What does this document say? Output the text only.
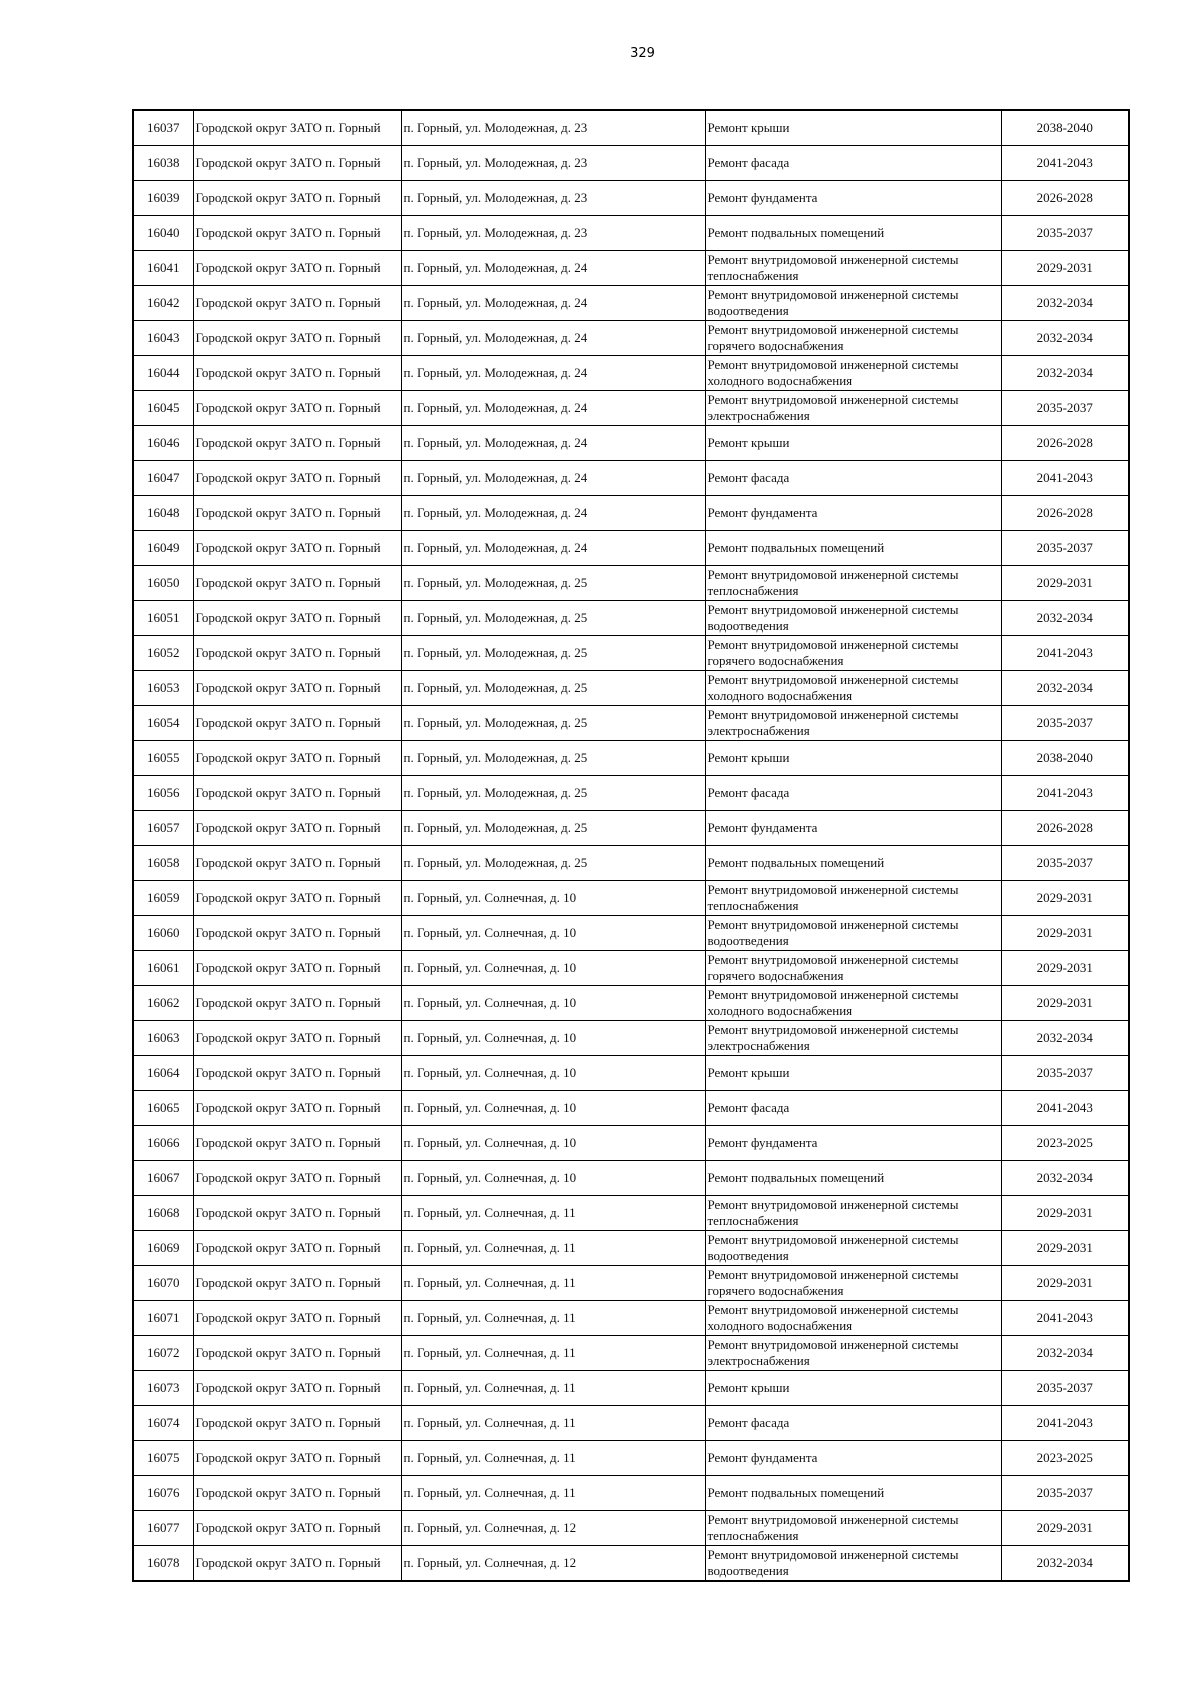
329
16037	Городской округ ЗАТО п. Горный	п. Горный, ул. Молодежная, д. 23	Ремонт крыши	2038-2040
16038	Городской округ ЗАТО п. Горный	п. Горный, ул. Молодежная, д. 23	Ремонт фасада	2041-2043
16039	Городской округ ЗАТО п. Горный	п. Горный, ул. Молодежная, д. 23	Ремонт фундамента	2026-2028
16040	Городской округ ЗАТО п. Горный	п. Горный, ул. Молодежная, д. 23	Ремонт подвальных помещений	2035-2037
16041	Городской округ ЗАТО п. Горный	п. Горный, ул. Молодежная, д. 24	Ремонт внутридомовой инженерной системы теплоснабжения	2029-2031
16042	Городской округ ЗАТО п. Горный	п. Горный, ул. Молодежная, д. 24	Ремонт внутридомовой инженерной системы водоотведения	2032-2034
16043	Городской округ ЗАТО п. Горный	п. Горный, ул. Молодежная, д. 24	Ремонт внутридомовой инженерной системы горячего водоснабжения	2032-2034
16044	Городской округ ЗАТО п. Горный	п. Горный, ул. Молодежная, д. 24	Ремонт внутридомовой инженерной системы холодного водоснабжения	2032-2034
16045	Городской округ ЗАТО п. Горный	п. Горный, ул. Молодежная, д. 24	Ремонт внутридомовой инженерной системы электроснабжения	2035-2037
16046	Городской округ ЗАТО п. Горный	п. Горный, ул. Молодежная, д. 24	Ремонт крыши	2026-2028
16047	Городской округ ЗАТО п. Горный	п. Горный, ул. Молодежная, д. 24	Ремонт фасада	2041-2043
16048	Городской округ ЗАТО п. Горный	п. Горный, ул. Молодежная, д. 24	Ремонт фундамента	2026-2028
16049	Городской округ ЗАТО п. Горный	п. Горный, ул. Молодежная, д. 24	Ремонт подвальных помещений	2035-2037
16050	Городской округ ЗАТО п. Горный	п. Горный, ул. Молодежная, д. 25	Ремонт внутридомовой инженерной системы теплоснабжения	2029-2031
16051	Городской округ ЗАТО п. Горный	п. Горный, ул. Молодежная, д. 25	Ремонт внутридомовой инженерной системы водоотведения	2032-2034
16052	Городской округ ЗАТО п. Горный	п. Горный, ул. Молодежная, д. 25	Ремонт внутридомовой инженерной системы горячего водоснабжения	2041-2043
16053	Городской округ ЗАТО п. Горный	п. Горный, ул. Молодежная, д. 25	Ремонт внутридомовой инженерной системы холодного водоснабжения	2032-2034
16054	Городской округ ЗАТО п. Горный	п. Горный, ул. Молодежная, д. 25	Ремонт внутридомовой инженерной системы электроснабжения	2035-2037
16055	Городской округ ЗАТО п. Горный	п. Горный, ул. Молодежная, д. 25	Ремонт крыши	2038-2040
16056	Городской округ ЗАТО п. Горный	п. Горный, ул. Молодежная, д. 25	Ремонт фасада	2041-2043
16057	Городской округ ЗАТО п. Горный	п. Горный, ул. Молодежная, д. 25	Ремонт фундамента	2026-2028
16058	Городской округ ЗАТО п. Горный	п. Горный, ул. Молодежная, д. 25	Ремонт подвальных помещений	2035-2037
16059	Городской округ ЗАТО п. Горный	п. Горный, ул. Солнечная, д. 10	Ремонт внутридомовой инженерной системы теплоснабжения	2029-2031
16060	Городской округ ЗАТО п. Горный	п. Горный, ул. Солнечная, д. 10	Ремонт внутридомовой инженерной системы водоотведения	2029-2031
16061	Городской округ ЗАТО п. Горный	п. Горный, ул. Солнечная, д. 10	Ремонт внутридомовой инженерной системы горячего водоснабжения	2029-2031
16062	Городской округ ЗАТО п. Горный	п. Горный, ул. Солнечная, д. 10	Ремонт внутридомовой инженерной системы холодного водоснабжения	2029-2031
16063	Городской округ ЗАТО п. Горный	п. Горный, ул. Солнечная, д. 10	Ремонт внутридомовой инженерной системы электроснабжения	2032-2034
16064	Городской округ ЗАТО п. Горный	п. Горный, ул. Солнечная, д. 10	Ремонт крыши	2035-2037
16065	Городской округ ЗАТО п. Горный	п. Горный, ул. Солнечная, д. 10	Ремонт фасада	2041-2043
16066	Городской округ ЗАТО п. Горный	п. Горный, ул. Солнечная, д. 10	Ремонт фундамента	2023-2025
16067	Городской округ ЗАТО п. Горный	п. Горный, ул. Солнечная, д. 10	Ремонт подвальных помещений	2032-2034
16068	Городской округ ЗАТО п. Горный	п. Горный, ул. Солнечная, д. 11	Ремонт внутридомовой инженерной системы теплоснабжения	2029-2031
16069	Городской округ ЗАТО п. Горный	п. Горный, ул. Солнечная, д. 11	Ремонт внутридомовой инженерной системы водоотведения	2029-2031
16070	Городской округ ЗАТО п. Горный	п. Горный, ул. Солнечная, д. 11	Ремонт внутридомовой инженерной системы горячего водоснабжения	2029-2031
16071	Городской округ ЗАТО п. Горный	п. Горный, ул. Солнечная, д. 11	Ремонт внутридомовой инженерной системы холодного водоснабжения	2041-2043
16072	Городской округ ЗАТО п. Горный	п. Горный, ул. Солнечная, д. 11	Ремонт внутридомовой инженерной системы электроснабжения	2032-2034
16073	Городской округ ЗАТО п. Горный	п. Горный, ул. Солнечная, д. 11	Ремонт крыши	2035-2037
16074	Городской округ ЗАТО п. Горный	п. Горный, ул. Солнечная, д. 11	Ремонт фасада	2041-2043
16075	Городской округ ЗАТО п. Горный	п. Горный, ул. Солнечная, д. 11	Ремонт фундамента	2023-2025
16076	Городской округ ЗАТО п. Горный	п. Горный, ул. Солнечная, д. 11	Ремонт подвальных помещений	2035-2037
16077	Городской округ ЗАТО п. Горный	п. Горный, ул. Солнечная, д. 12	Ремонт внутридомовой инженерной системы теплоснабжения	2029-2031
16078	Городской округ ЗАТО п. Горный	п. Горный, ул. Солнечная, д. 12	Ремонт внутридомовой инженерной системы водоотведения	2032-2034
